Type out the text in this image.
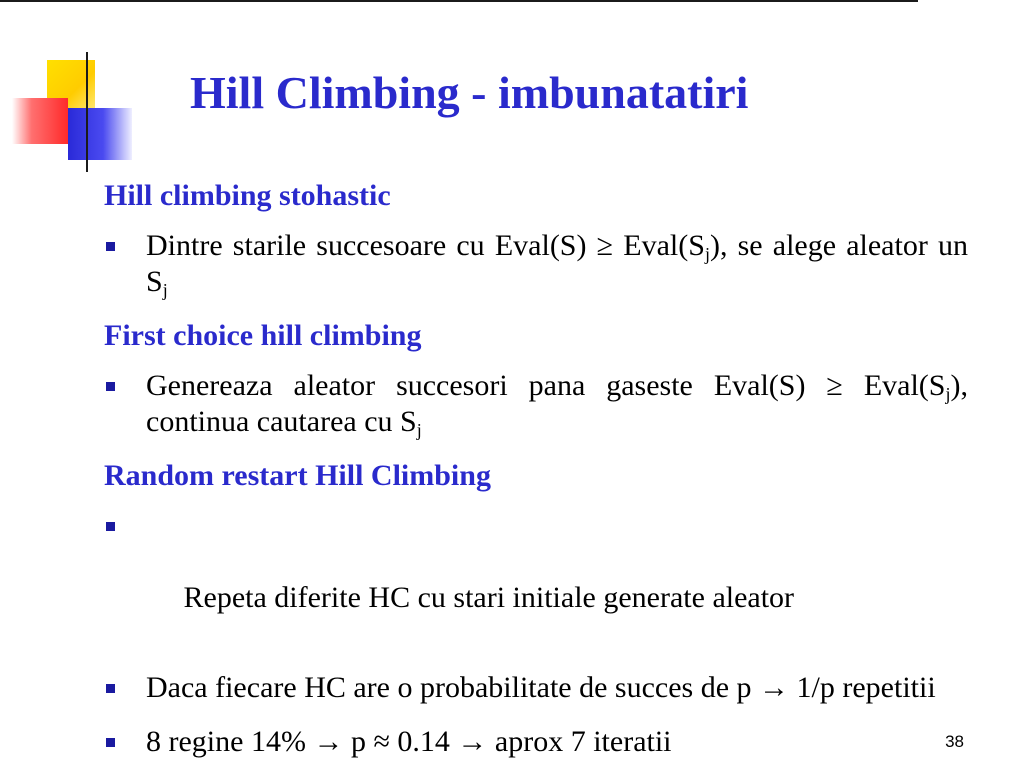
Hill Climbing - imbunatatiri
Hill climbing stohastic
Dintre starile succesoare cu Eval(S) ≥ $Eval(S_j)$, se alege aleator un $S_j$
First choice hill climbing
Genereaza aleator succesori pana gaseste Eval(S) ≥ $Eval(S_j)$, continua cautarea cu $S_j$
Random restart Hill Climbing

Repeta diferite HC cu stari initiale generate aleator

Daca fiecare HC are o probabilitate de succes de p → 1/p repetitii
8 regine 14% → p ≈ 0.14 → aprox 7 iteratii	38
